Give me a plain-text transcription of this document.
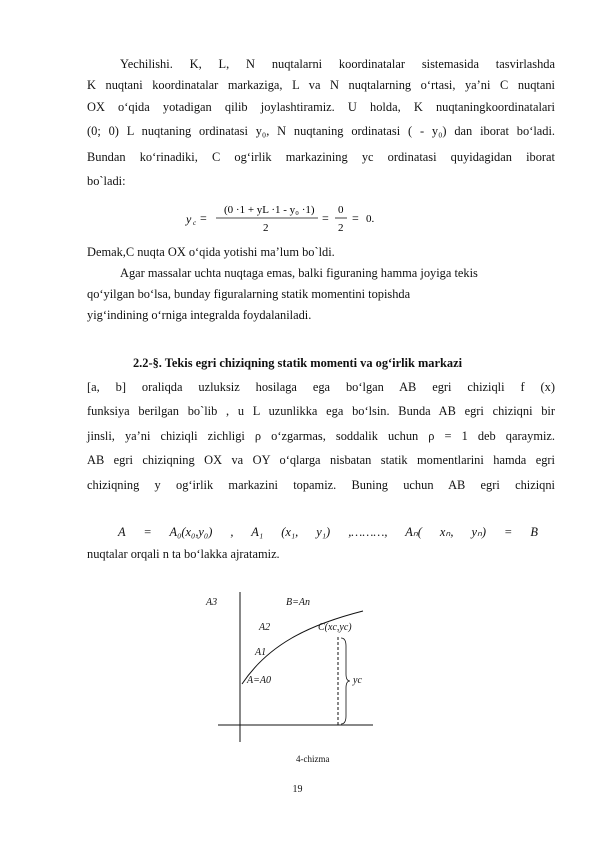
Yechilishi. K, L, N nuqtalarni koordinatalar sistemasida tasvirlashda
K nuqtani koordinatalar markaziga, L va N nuqtalarning o‘rtasi, ya’ni C nuqtani
OX o‘qida yotadigan qilib joylashtiramiz. U holda, K nuqtaningkoordinatalari
(0; 0) L nuqtaning ordinatasi y₀, N nuqtaning ordinatasi ( - y₀) dan iborat bo‘ladi.
Bundan ko‘rinadiki, C og‘irlik markazining yc ordinatasi quyidagidan iborat
bo`ladi:
y c =
(0 ·1 + yL ·1 - y₀ ·1)
2
=
0
2
= 0.
Demak,C nuqta OX o‘qida yotishi ma’lum bo`ldi.
Agar massalar uchta nuqtaga emas, balki figuraning hamma joyiga tekis
qo‘yilgan bo‘lsa, bunday figuralarning statik momentini topishda
yig‘indining o‘rniga integralda foydalaniladi.
2.2-§. Tekis egri chiziqning statik momenti va og‘irlik markazi
[a, b] oraliqda uzluksiz hosilaga ega bo‘lgan AB egri chiziqli f (x)
funksiya berilgan bo`lib , u L uzunlikka ega bo‘lsin. Bunda AB egri chiziqni bir
jinsli, ya’ni chiziqli zichligi ρ o‘zgarmas, soddalik uchun ρ = 1 deb qaraymiz.
AB egri chiziqning OX va OY o‘qlarga nisbatan statik momentlarini hamda egri
chiziqning y og‘irlik markazini topamiz. Buning uchun AB egri chiziqni
A = A₀(x₀,y₀) , A₁ (x₁, y₁) ,………, Aₙ( xₙ, yₙ) = B
nuqtalar orqali n ta bo‘lakka ajratamiz.
A3	B=An
A2	C(xc,yc)
A1
A=A0	yc
4-chizma
19
